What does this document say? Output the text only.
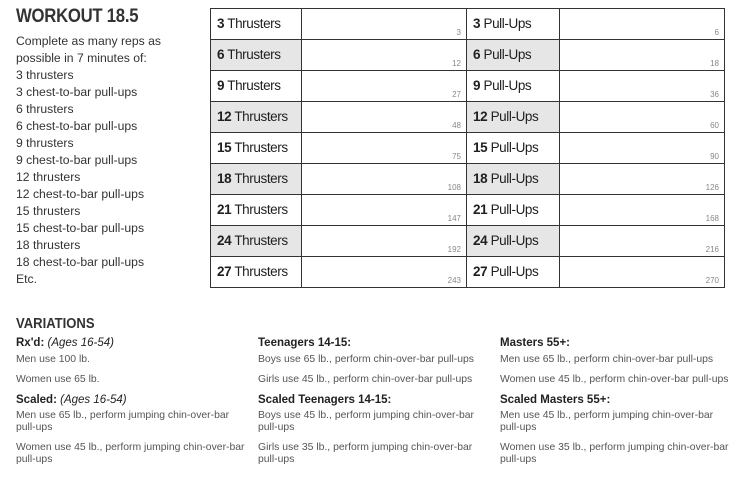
WORKOUT 18.5
Complete as many reps as possible in 7 minutes of:
3 thrusters
3 chest-to-bar pull-ups
6 thrusters
6 chest-to-bar pull-ups
9 thrusters
9 chest-to-bar pull-ups
12 thrusters
12 chest-to-bar pull-ups
15 thrusters
15 chest-to-bar pull-ups
18 thrusters
18 chest-to-bar pull-ups
Etc.
3 Thrusters	3	3 Pull-Ups	6

6 Thrusters	12	6 Pull-Ups	18

9 Thrusters	27	9 Pull-Ups	36

12 Thrusters	48	12 Pull-Ups	60

15 Thrusters	75	15 Pull-Ups	90

18 Thrusters	108	18 Pull-Ups	126

21 Thrusters	147	21 Pull-Ups	168

24 Thrusters	192	24 Pull-Ups	216

27 Thrusters	243	27 Pull-Ups	270
VARIATIONS
Rx'd: (Ages 16-54)
Men use 100 lb.
Women use 65 lb.
Scaled: (Ages 16-54)
Men use 65 lb., perform jumping chin-over-bar pull-ups
Women use 45 lb., perform jumping chin-over-bar pull-ups
Teenagers 14-15:
Boys use 65 lb., perform chin-over-bar pull-ups
Girls use 45 lb., perform chin-over-bar pull-ups
Scaled Teenagers 14-15:
Boys use 45 lb., perform jumping chin-over-bar pull-ups
Girls use 35 lb., perform jumping chin-over-bar pull-ups
Masters 55+:
Men use 65 lb., perform chin-over-bar pull-ups
Women use 45 lb., perform chin-over-bar pull-ups
Scaled Masters 55+:
Men use 45 lb., perform jumping chin-over-bar pull-ups
Women use 35 lb., perform jumping chin-over-bar pull-ups
